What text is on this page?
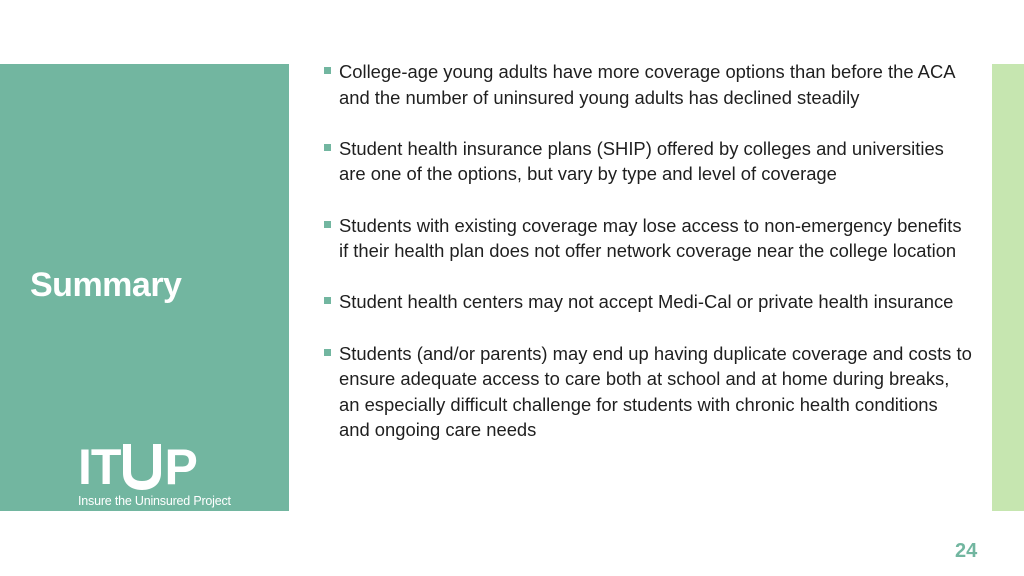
Summary
IT P
Insure the Uninsured Project
College-age young adults have more coverage options than before the ACA and the number of uninsured young adults has declined steadily
Student health insurance plans (SHIP) offered by colleges and universities are one of the options, but vary by type and level of coverage
Students with existing coverage may lose access to non-emergency benefits if their health plan does not offer network coverage near the college location
Student health centers may not accept Medi-Cal or private health insurance
Students (and/or parents) may end up having duplicate coverage and costs to ensure adequate access to care both at school and at home during breaks, an especially difficult challenge for students with chronic health conditions and ongoing care needs
24
